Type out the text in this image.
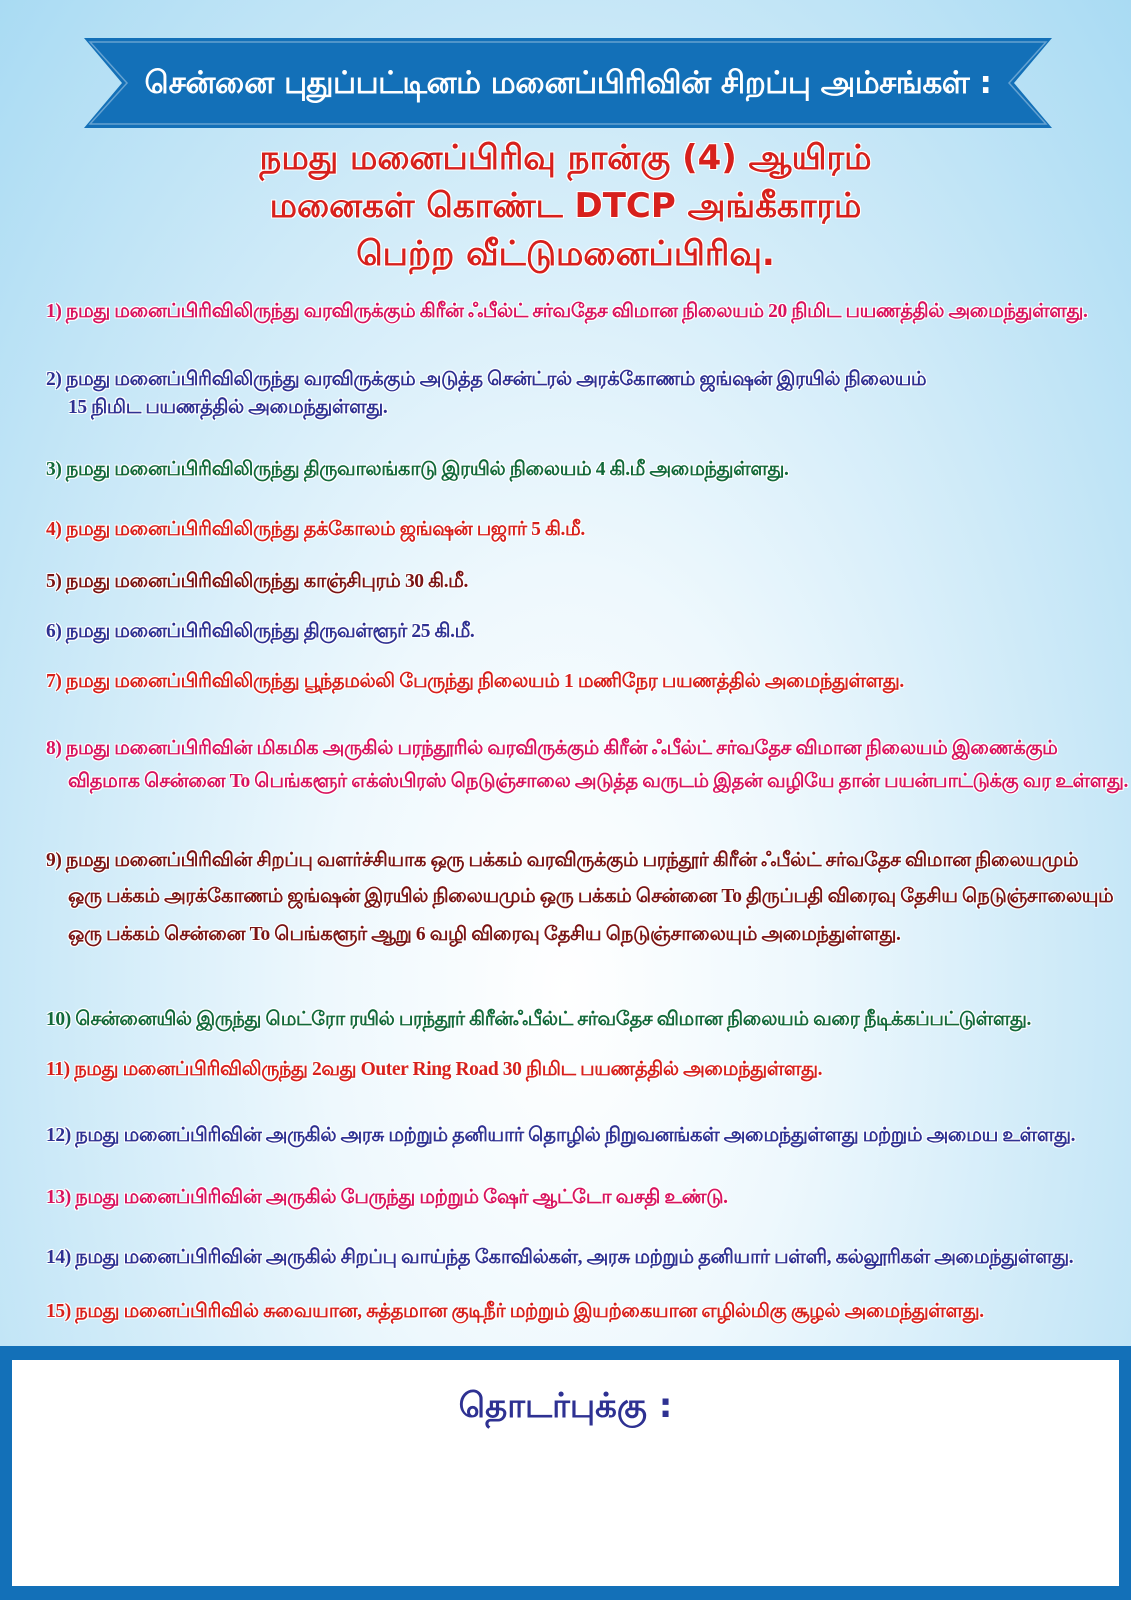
சென்னை புதுப்பட்டினம் மனைப்பிரிவின் சிறப்பு அம்சங்கள் :
நமது மனைப்பிரிவு நான்கு (4) ஆயிரம்
மனைகள் கொண்ட DTCP அங்கீகாரம்
பெற்ற வீட்டுமனைப்பிரிவு.
1) நமது மனைப்பிரிவிலிருந்து வரவிருக்கும் கிரீன் ஃபீல்ட் சர்வதேச விமான நிலையம் 20 நிமிட பயணத்தில் அமைந்துள்ளது.
2) நமது மனைப்பிரிவிலிருந்து வரவிருக்கும் அடுத்த சென்ட்ரல் அரக்கோணம் ஜங்ஷன் இரயில் நிலையம்
15 நிமிட பயணத்தில் அமைந்துள்ளது.
3) நமது மனைப்பிரிவிலிருந்து திருவாலங்காடு இரயில் நிலையம் 4 கி.மீ அமைந்துள்ளது.
4) நமது மனைப்பிரிவிலிருந்து தக்கோலம் ஜங்ஷன் பஜார் 5 கி.மீ.
5) நமது மனைப்பிரிவிலிருந்து காஞ்சிபுரம் 30 கி.மீ.
6) நமது மனைப்பிரிவிலிருந்து திருவள்ளூர் 25 கி.மீ.
7) நமது மனைப்பிரிவிலிருந்து பூந்தமல்லி பேருந்து நிலையம் 1 மணிநேர பயணத்தில் அமைந்துள்ளது.
8) நமது மனைப்பிரிவின் மிகமிக அருகில் பரந்தூரில் வரவிருக்கும் கிரீன் ஃபீல்ட் சர்வதேச விமான நிலையம் இணைக்கும்
விதமாக சென்னை To பெங்களூர் எக்ஸ்பிரஸ் நெடுஞ்சாலை அடுத்த வருடம் இதன் வழியே தான் பயன்பாட்டுக்கு வர உள்ளது.
9) நமது மனைப்பிரிவின் சிறப்பு வளர்ச்சியாக ஒரு பக்கம் வரவிருக்கும் பரந்தூர் கிரீன் ஃபீல்ட் சர்வதேச விமான நிலையமும்
ஒரு பக்கம் அரக்கோணம் ஜங்ஷன் இரயில் நிலையமும் ஒரு பக்கம் சென்னை To திருப்பதி விரைவு தேசிய நெடுஞ்சாலையும்
ஒரு பக்கம் சென்னை To பெங்களூர் ஆறு 6 வழி விரைவு தேசிய நெடுஞ்சாலையும் அமைந்துள்ளது.
10) சென்னையில் இருந்து மெட்ரோ ரயில் பரந்தூர் கிரீன்ஃபீல்ட் சர்வதேச விமான நிலையம் வரை நீடிக்கப்பட்டுள்ளது.
11) நமது மனைப்பிரிவிலிருந்து 2வது Outer Ring Road 30 நிமிட பயணத்தில் அமைந்துள்ளது.
12) நமது மனைப்பிரிவின் அருகில் அரசு மற்றும் தனியார் தொழில் நிறுவனங்கள் அமைந்துள்ளது மற்றும் அமைய உள்ளது.
13) நமது மனைப்பிரிவின் அருகில் பேருந்து மற்றும் ஷேர் ஆட்டோ வசதி உண்டு.
14) நமது மனைப்பிரிவின் அருகில் சிறப்பு வாய்ந்த கோவில்கள், அரசு மற்றும் தனியார் பள்ளி, கல்லூரிகள் அமைந்துள்ளது.
15) நமது மனைப்பிரிவில் சுவையான, சுத்தமான குடிநீர் மற்றும் இயற்கையான எழில்மிகு சூழல் அமைந்துள்ளது.
தொடர்புக்கு :
